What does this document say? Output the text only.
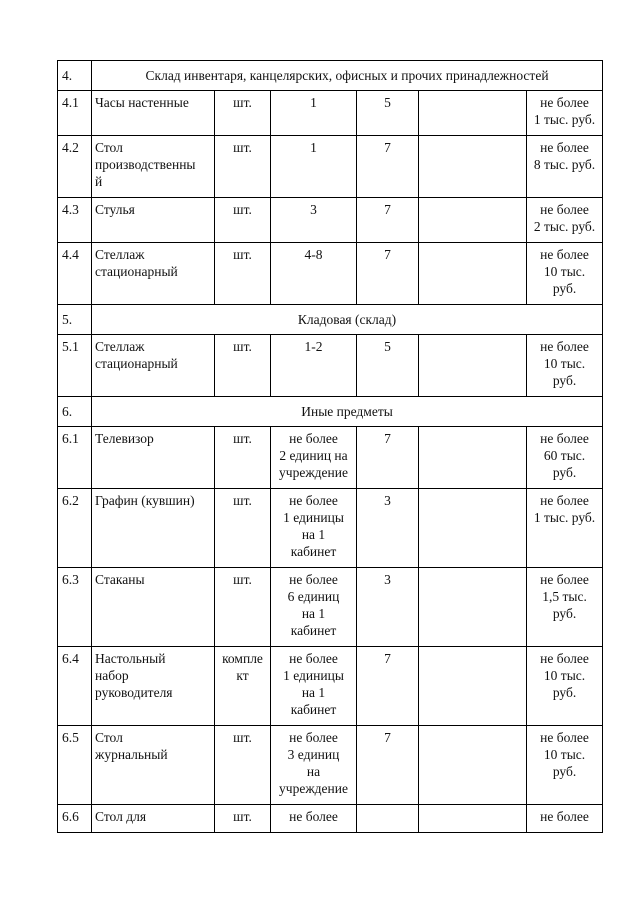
4.	Склад инвентаря, канцелярских, офисных и прочих принадлежностей					
4.1	Часы настенные	шт.	1	5		не более
1 тыс. руб.

4.2	Стол
производственны
й	шт.	1	7		не более
8 тыс. руб.

4.3	Стулья	шт.	3	7		не более
2 тыс. руб.

4.4	Стеллаж
стационарный	шт.	4-8	7		не более
10 тыс.
руб.

5.	Кладовая (склад)					
5.1	Стеллаж
стационарный	шт.	1-2	5		не более
10 тыс.
руб.

6.	Иные предметы					
6.1	Телевизор	шт.	не более
2 единиц на
учреждение	7		не более
60 тыс.
руб.

6.2	Графин (кувшин)	шт.	не более
1 единицы
на 1
кабинет	3		не более
1 тыс. руб.

6.3	Стаканы	шт.	не более
6 единиц
на 1
кабинет	3		не более
1,5 тыс.
руб.

6.4	Настольный
набор
руководителя	компле
кт	не более
1 единицы
на 1
кабинет	7		не более
10 тыс.
руб.

6.5	Стол
журнальный	шт.	не более
3 единиц
на
учреждение	7		не более
10 тыс.
руб.

6.6	Стол для	шт.	не более			не более
